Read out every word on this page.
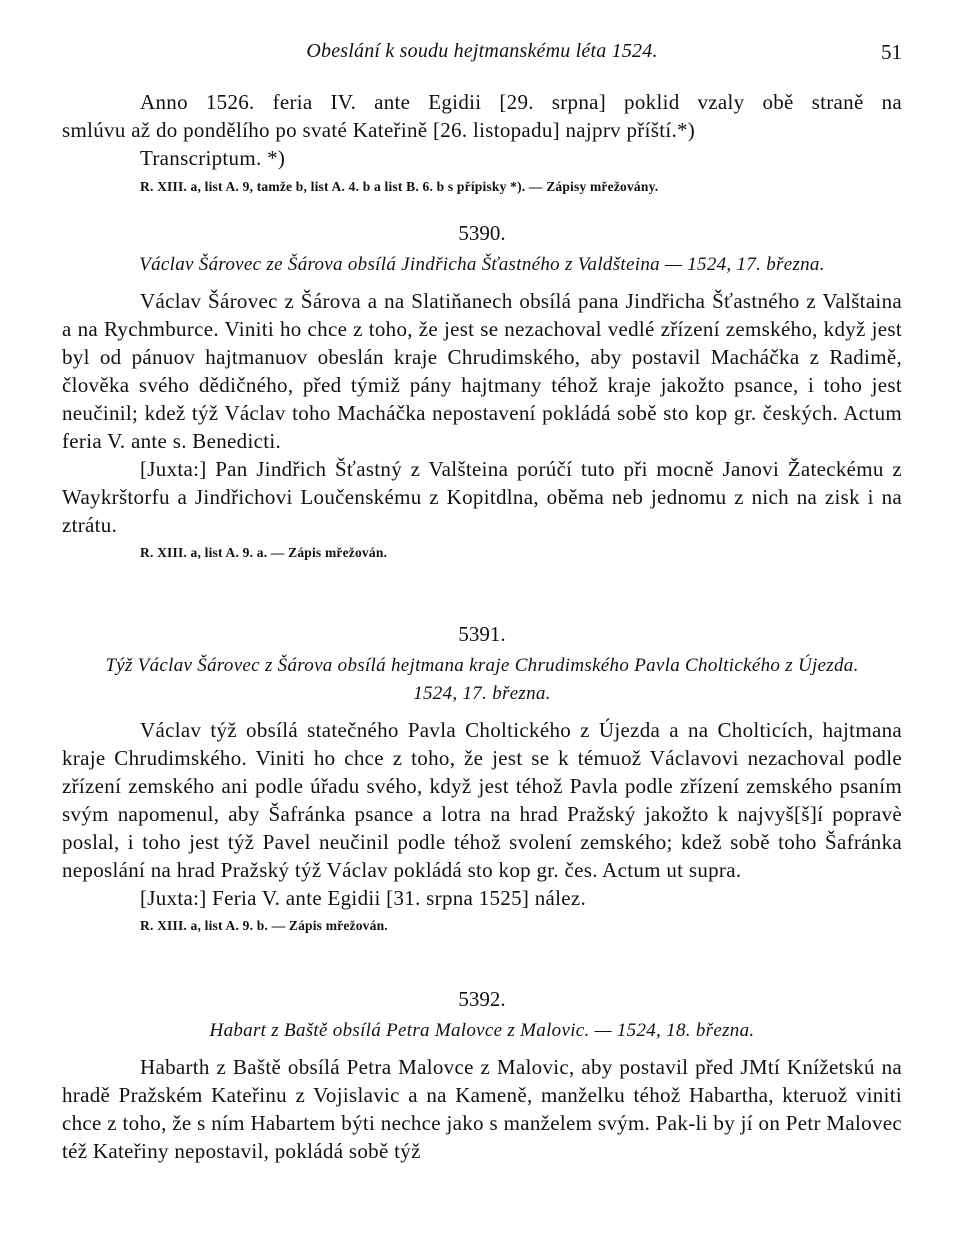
Obeslání k soudu hejtmanskému léta 1524.	51

Anno 1526. feria IV. ante Egidii [29. srpna] poklid vzaly obě straně na

smlúvu až do pondělího po svaté Kateřině [26. listopadu] najprv příští.*)

Transcriptum. *)

R. XIII. a, list A. 9, tamže b, list A. 4. b a list B. 6. b s přípisky *). — Zápisy mřežovány.

5390.

Václav Šárovec ze Šárova obsílá Jindřicha Šťastného z Valdšteina — 1524, 17. března.

Václav Šárovec z Šárova a na Slatiňanech obsílá pana Jindřicha Šťastného z Valštaina a na Rychmburce. Viniti ho chce z toho, že jest se nezachoval vedlé zřízení zemského, když jest byl od pánuov hajtmanuov obeslán kraje Chrudimského, aby postavil Macháčka z Radimě, člověka svého dědičného, před týmiž pány hajtmany téhož kraje jakožto psance, i toho jest neučinil; kdež týž Václav toho Macháčka nepostavení pokládá sobě sto kop gr. českých. Actum feria V. ante s. Benedicti.

[Juxta:] Pan Jindřich Šťastný z Valšteina porúčí tuto při mocně Janovi Žateckému z Waykrštorfu a Jindřichovi Loučenskému z Kopitdlna, oběma neb jednomu z nich na zisk i na ztrátu.

R. XIII. a, list A. 9. a. — Zápis mřežován.

5391.

Týž Václav Šárovec z Šárova obsílá hejtmana kraje Chrudimského Pavla Choltického z Újezda.

1524, 17. března.

Václav týž obsílá statečného Pavla Choltického z Újezda a na Cholticích, hajtmana kraje Chrudimského. Viniti ho chce z toho, že jest se k témuož Václavovi nezachoval podle zřízení zemského ani podle úřadu svého, když jest téhož Pavla podle zřízení zemského psaním svým napomenul, aby Šafránka psance a lotra na hrad Pražský jakožto k najvyš[š]í popravè poslal, i toho jest týž Pavel neučinil podle téhož svolení zemského; kdež sobě toho Šafránka neposlání na hrad Pražský týž Václav pokládá sto kop gr. čes. Actum ut supra.

[Juxta:] Feria V. ante Egidii [31. srpna 1525] nález.

R. XIII. a, list A. 9. b. — Zápis mřežován.

5392.

Habart z Baště obsílá Petra Malovce z Malovic. — 1524, 18. března.

Habarth z Baště obsílá Petra Malovce z Malovic, aby postavil před JMtí Knížetskú na hradě Pražském Kateřinu z Vojislavic a na Kameně, manželku téhož Habartha, kteruož viniti chce z toho, že s ním Habartem býti nechce jako s manželem svým. Pak-li by jí on Petr Malovec též Kateřiny nepostavil, pokládá sobě týž
